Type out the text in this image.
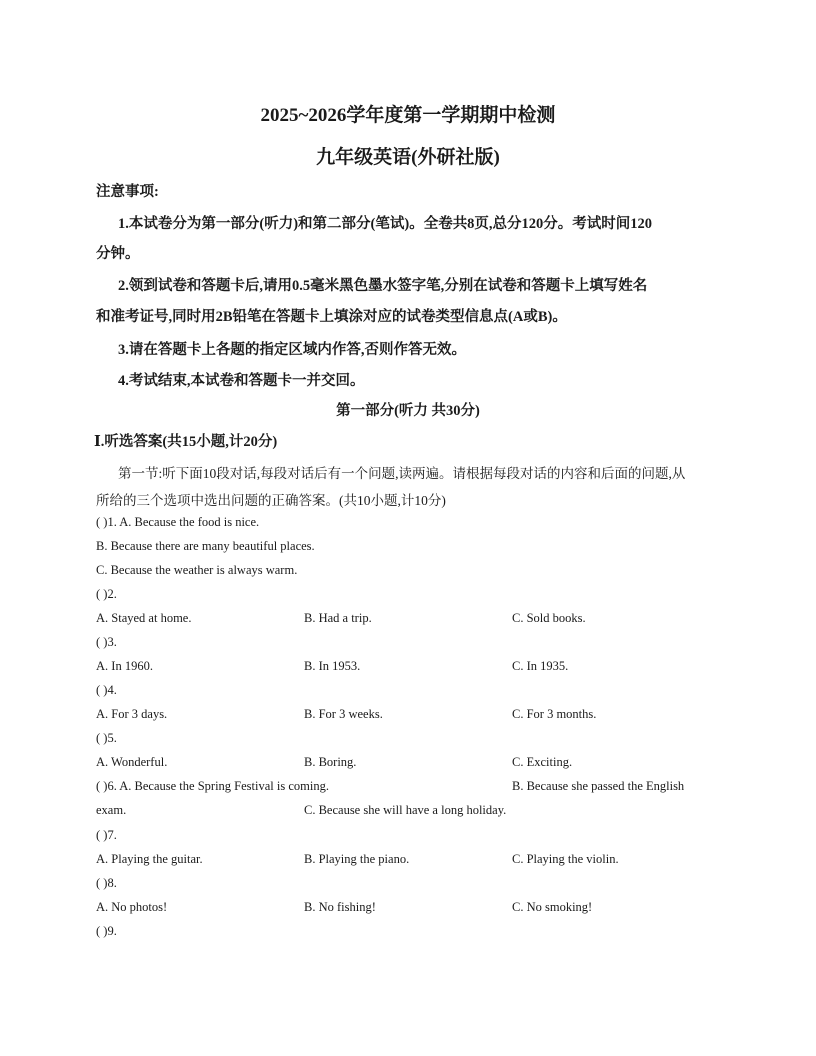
2025~2026学年度第一学期期中检测
九年级英语(外研社版)
注意事项:
1.本试卷分为第一部分(听力)和第二部分(笔试)。全卷共8页,总分120分。考试时间120
分钟。
2.领到试卷和答题卡后,请用0.5毫米黑色墨水签字笔,分别在试卷和答题卡上填写姓名
和准考证号,同时用2B铅笔在答题卡上填涂对应的试卷类型信息点(A或B)。
3.请在答题卡上各题的指定区域内作答,否则作答无效。
4.考试结束,本试卷和答题卡一并交回。
第一部分(听力 共30分)
Ⅰ.听选答案(共15小题,计20分)
第一节:听下面10段对话,每段对话后有一个问题,读两遍。请根据每段对话的内容和后面的问题,从
所给的三个选项中选出问题的正确答案。(共10小题,计10分)
( )1. A. Because the food is nice.
B. Because there are many beautiful places.
C. Because the weather is always warm.
( )2.
A. Stayed at home.	B. Had a trip.	C. Sold books.
( )3.
A. In 1960.	B. In 1953.	C. In 1935.
( )4.
A. For 3 days.	B. For 3 weeks.	C. For 3 months.
( )5.
A. Wonderful.	B. Boring.	C. Exciting.
( )6. A. Because the Spring Festival is coming.	B. Because she passed the English
exam.	C. Because she will have a long holiday.
( )7.
A. Playing the guitar.	B. Playing the piano.	C. Playing the violin.
( )8.
A. No photos!	B. No fishing!	C. No smoking!
( )9.
